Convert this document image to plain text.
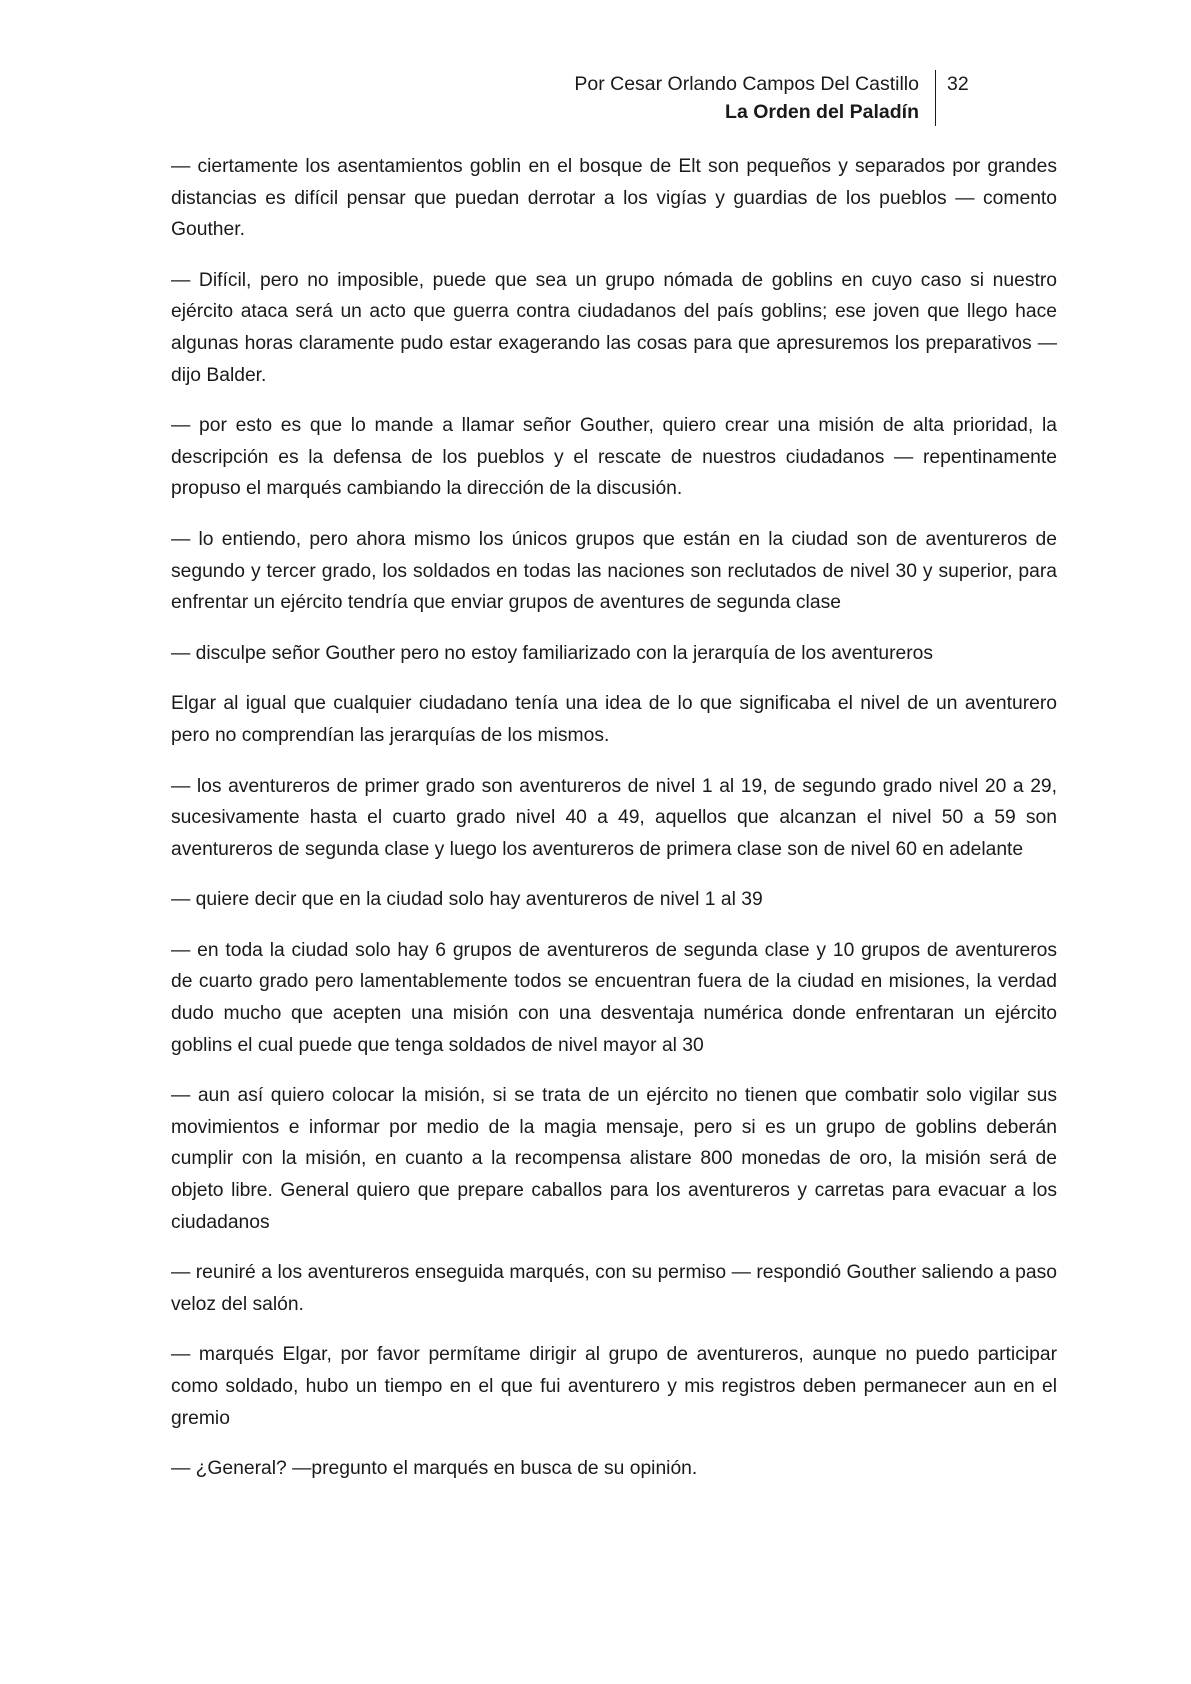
Por Cesar Orlando Campos Del Castillo
La Orden del Paladín
32

— ciertamente los asentamientos goblin en el bosque de Elt son pequeños y separados por grandes distancias es difícil pensar que puedan derrotar a los vigías y guardias de los pueblos — comento Gouther.

— Difícil, pero no imposible, puede que sea un grupo nómada de goblins en cuyo caso si nuestro ejército ataca será un acto que guerra contra ciudadanos del país goblins; ese joven que llego hace algunas horas claramente pudo estar exagerando las cosas para que apresuremos los preparativos — dijo Balder.

— por esto es que lo mande a llamar señor Gouther, quiero crear una misión de alta prioridad, la descripción es la defensa de los pueblos y el rescate de nuestros ciudadanos — repentinamente propuso el marqués cambiando la dirección de la discusión.

— lo entiendo, pero ahora mismo los únicos grupos que están en la ciudad son de aventureros de segundo y tercer grado, los soldados en todas las naciones son reclutados de nivel 30 y superior, para enfrentar un ejército tendría que enviar grupos de aventures de segunda clase

— disculpe señor Gouther pero no estoy familiarizado con la jerarquía de los aventureros

Elgar al igual que cualquier ciudadano tenía una idea de lo que significaba el nivel de un aventurero pero no comprendían las jerarquías de los mismos.

— los aventureros de primer grado son aventureros de nivel 1 al 19, de segundo grado nivel 20 a 29, sucesivamente hasta el cuarto grado nivel 40 a 49, aquellos que alcanzan el nivel 50 a 59 son aventureros de segunda clase y luego los aventureros de primera clase son de nivel 60 en adelante

— quiere decir que en la ciudad solo hay aventureros de nivel 1 al 39

— en toda la ciudad solo hay 6 grupos de aventureros de segunda clase y 10 grupos de aventureros de cuarto grado pero lamentablemente todos se encuentran fuera de la ciudad en misiones, la verdad dudo mucho que acepten una misión con una desventaja numérica donde enfrentaran un ejército goblins el cual puede que tenga soldados de nivel mayor al 30

— aun así quiero colocar la misión, si se trata de un ejército no tienen que combatir solo vigilar sus movimientos e informar por medio de la magia mensaje, pero si es un grupo de goblins deberán cumplir con la misión, en cuanto a la recompensa alistare 800 monedas de oro, la misión será de objeto libre. General quiero que prepare caballos para los aventureros y carretas para evacuar a los ciudadanos

— reuniré a los aventureros enseguida marqués, con su permiso — respondió Gouther saliendo a paso veloz del salón.

— marqués Elgar, por favor permítame dirigir al grupo de aventureros, aunque no puedo participar como soldado, hubo un tiempo en el que fui aventurero y mis registros deben permanecer aun en el gremio

— ¿General? —pregunto el marqués en busca de su opinión.
